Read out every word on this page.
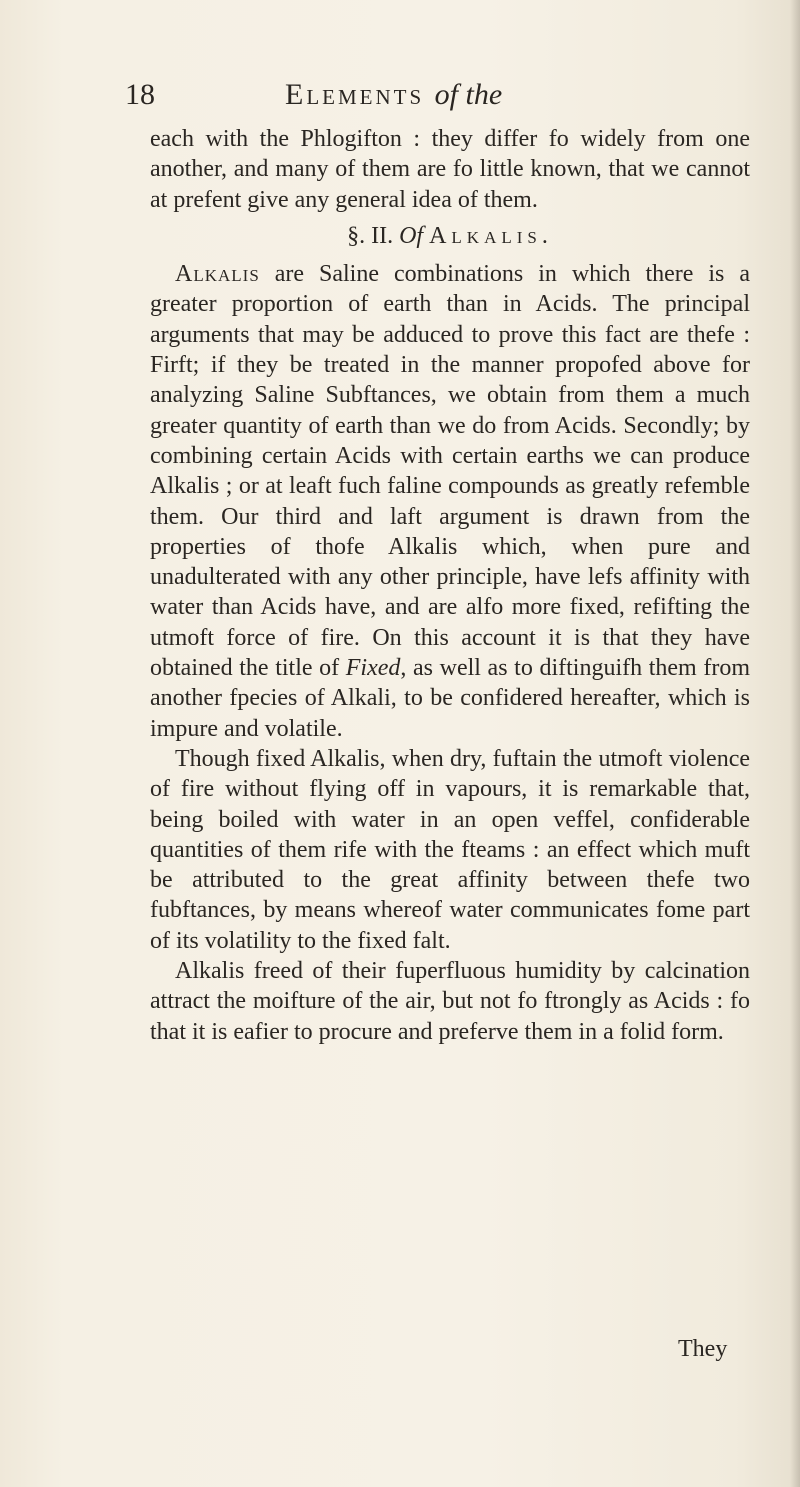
18	Elements of the

each with the Phlogifton : they differ fo widely from one another, and many of them are fo little known, that we cannot at prefent give any general idea of them.

§. II. Of Alkalis.

Alkalis are Saline combinations in which there is a greater proportion of earth than in Acids. The principal arguments that may be adduced to prove this fact are thefe : Firft; if they be treated in the manner propofed above for analyzing Saline Subftances, we obtain from them a much greater quantity of earth than we do from Acids. Secondly; by combining certain Acids with certain earths we can produce Alkalis ; or at leaft fuch faline compounds as greatly refemble them. Our third and laft argument is drawn from the properties of thofe Alkalis which, when pure and unadulterated with any other principle, have lefs affinity with water than Acids have, and are alfo more fixed, refifting the utmoft force of fire. On this account it is that they have obtained the title of Fixed, as well as to diftinguifh them from another fpecies of Alkali, to be confidered hereafter, which is impure and volatile.

Though fixed Alkalis, when dry, fuftain the utmoft violence of fire without flying off in vapours, it is remarkable that, being boiled with water in an open veffel, confiderable quantities of them rife with the fteams : an effect which muft be attributed to the great affinity between thefe two fubftances, by means whereof water communicates fome part of its volatility to the fixed falt.

Alkalis freed of their fuperfluous humidity by calcination attract the moifture of the air, but not fo ftrongly as Acids : fo that it is eafier to procure and preferve them in a folid form.

They
